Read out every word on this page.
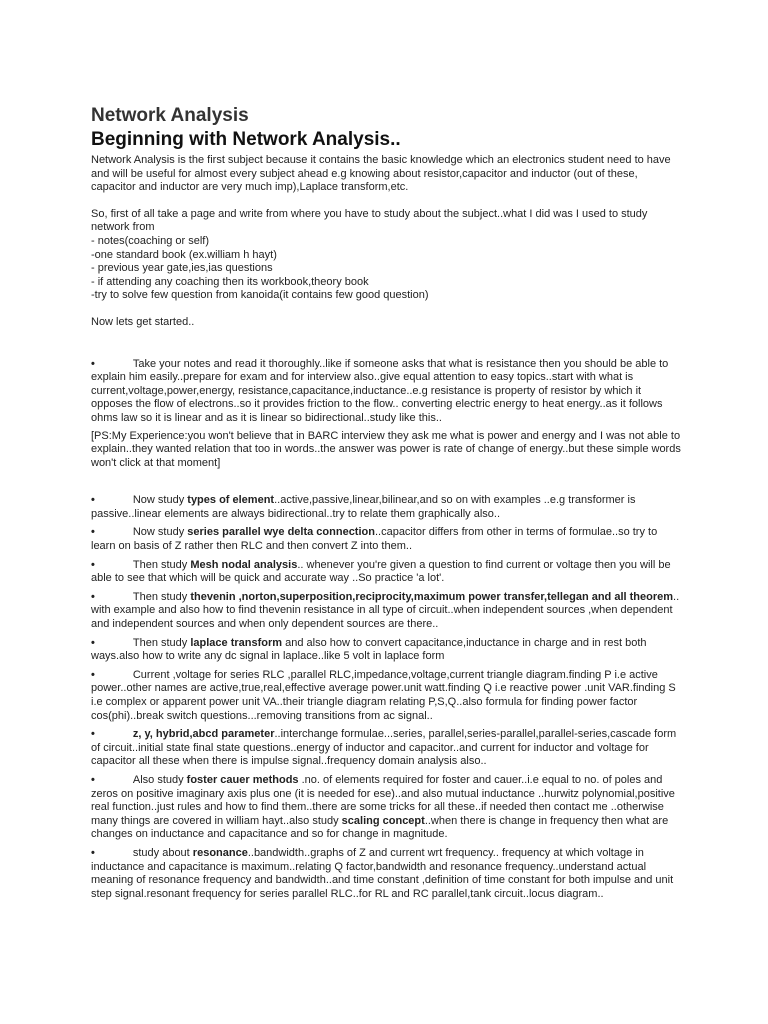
Network Analysis
Beginning with Network Analysis..

Network Analysis is the first subject because it contains the basic knowledge which an electronics student need to have and will be useful for almost every subject ahead e.g knowing about resistor,capacitor and inductor (out of these, capacitor and inductor are very much imp),Laplace transform,etc.

So, first of all take a page and write from where you have to study about the subject..what I did was I used to study network from

- notes(coaching or self)
-one standard book (ex.william h hayt)
- previous year gate,ies,ias questions
- if attending any coaching then its workbook,theory book
-try to solve few question from kanoida(it contains few good question)

Now lets get started..

•	Take your notes and read it thoroughly..like if someone asks that what is resistance then you should be able to explain him easily..prepare for exam and for interview also..give equal attention to easy topics..start with what is current,voltage,power,energy, resistance,capacitance,inductance..e.g resistance is property of resistor by which it opposes the flow of electrons..so it provides friction to the flow.. converting electric energy to heat energy..as it follows ohms law so it is linear and as it is linear so bidirectional..study like this..

[PS:My Experience:you won't believe that in BARC interview they ask me what is power and energy and I was not able to explain..they wanted relation that too in words..the answer was power is rate of change of energy..but these simple words won't click at that moment]

•	Now study types of element..active,passive,linear,bilinear,and so on with examples ..e.g transformer is passive..linear elements are always bidirectional..try to relate them graphically also..

•	Now study series parallel wye delta connection..capacitor differs from other in terms of formulae..so try to learn on basis of Z rather then RLC and then convert Z into them..

•	Then study Mesh nodal analysis.. whenever you're given a question to find current or voltage then you will be able to see that which will be quick and accurate way ..So practice 'a lot'.

•	Then study thevenin ,norton,superposition,reciprocity,maximum power transfer,tellegan and all theorem.. with example and also how to find thevenin resistance in all type of circuit..when independent sources ,when dependent and independent sources and when only dependent sources are there..

•	Then study laplace transform and also how to convert capacitance,inductance in charge and in rest both ways.also how to write any dc signal in laplace..like 5 volt in laplace form

•	Current ,voltage for series RLC ,parallel RLC,impedance,voltage,current triangle diagram.finding P i.e active power..other names are active,true,real,effective average power.unit watt.finding Q i.e reactive power .unit VAR.finding S i.e complex or apparent power unit VA..their triangle diagram relating P,S,Q..also formula for finding power factor cos(phi)..break switch questions...removing transitions from ac signal..

•	z, y, hybrid,abcd parameter..interchange formulae...series, parallel,series-parallel,parallel-series,cascade form of circuit..initial state final state questions..energy of inductor and capacitor..and current for inductor and voltage for capacitor all these when there is impulse signal..frequency domain analysis also..

•	Also study foster cauer methods .no. of elements required for foster and cauer..i.e equal to no. of poles and zeros on positive imaginary axis plus one (it is needed for ese)..and also mutual inductance ..hurwitz polynomial,positive real function..just rules and how to find them..there are some tricks for all these..if needed then contact me ..otherwise many things are covered in william hayt..also study scaling concept..when there is change in frequency then what are changes on inductance and capacitance and so for change in magnitude.

•	study about resonance..bandwidth..graphs of Z and current wrt frequency.. frequency at which voltage in inductance and capacitance is maximum..relating Q factor,bandwidth and resonance frequency..understand actual meaning of resonance frequency and bandwidth..and time constant ,definition of time constant for both impulse and unit step signal.resonant frequency for series parallel RLC..for RL and RC parallel,tank circuit..locus diagram..
